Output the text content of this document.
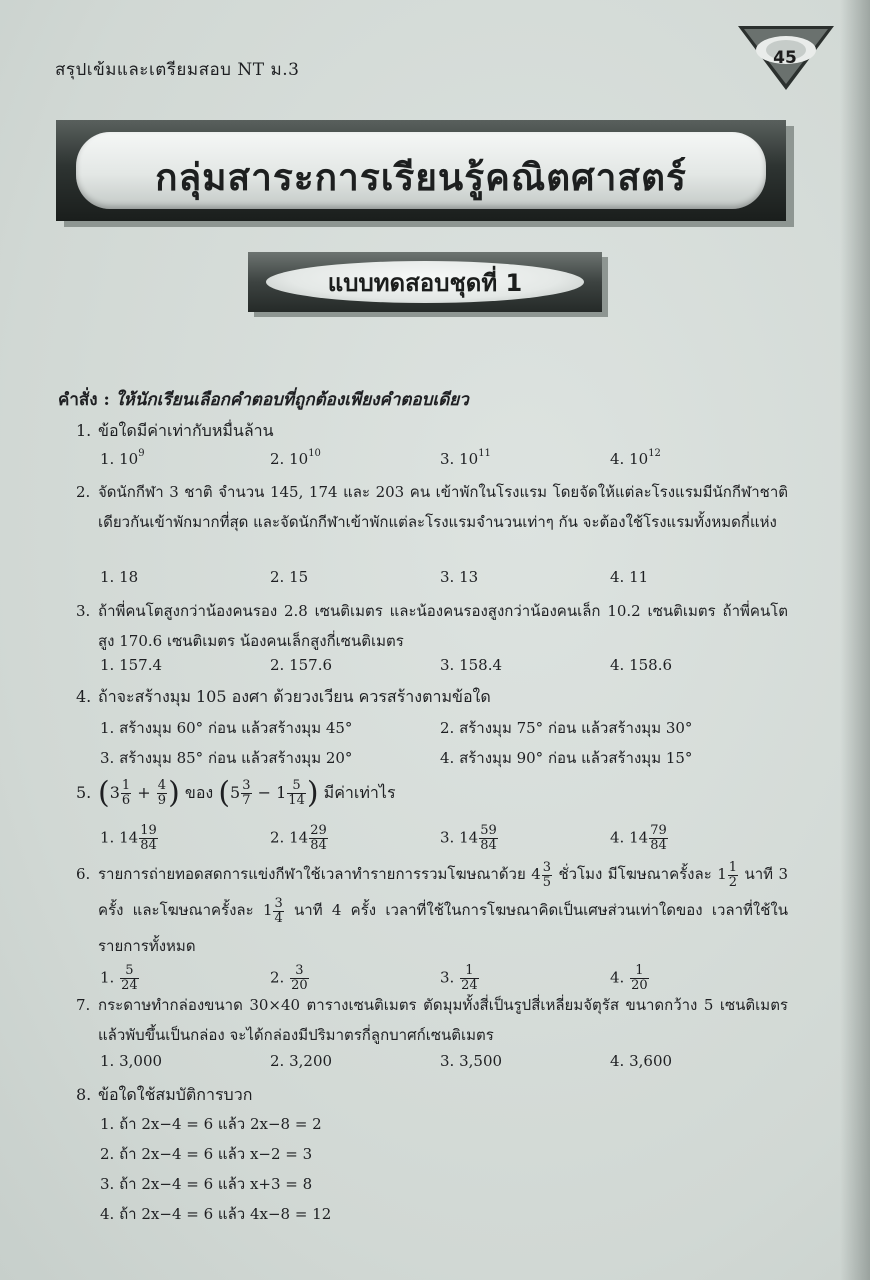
สรุปเข้มและเตรียมสอบ NT ม.3
45
กลุ่มสาระการเรียนรู้คณิตศาสตร์
แบบทดสอบชุดที่ 1
คำสั่ง : ให้นักเรียนเลือกคำตอบที่ถูกต้องเพียงคำตอบเดียว
1. ข้อใดมีค่าเท่ากับหมื่นล้าน
1. $10^9$	2. $10^{10}$	3. $10^{11}$	4. $10^{12}$
2. จัดนักกีฬา 3 ชาติ จำนวน 145, 174 และ 203 คน เข้าพักในโรงแรม โดยจัดให้แต่ละโรงแรมมีนักกีฬาชาติเดียวกันเข้าพักมากที่สุด และจัดนักกีฬาเข้าพักแต่ละโรงแรมจำนวนเท่าๆ กัน จะต้องใช้โรงแรมทั้งหมดกี่แห่ง
1. 18	2. 15	3. 13	4. 11
3. ถ้าพี่คนโตสูงกว่าน้องคนรอง 2.8 เซนติเมตร และน้องคนรองสูงกว่าน้องคนเล็ก 10.2 เซนติเมตร ถ้าพี่คนโตสูง 170.6 เซนติเมตร น้องคนเล็กสูงกี่เซนติเมตร
1. 157.4	2. 157.6	3. 158.4	4. 158.6
4. ถ้าจะสร้างมุม 105 องศา ด้วยวงเวียน ควรสร้างตามข้อใด
1. สร้างมุม 60° ก่อน แล้วสร้างมุม 45°	2. สร้างมุม 75° ก่อน แล้วสร้างมุม 30°
3. สร้างมุม 85° ก่อน แล้วสร้างมุม 20°	4. สร้างมุม 90° ก่อน แล้วสร้างมุม 15°
5. ($3 \frac{1}{6} + \frac{4}{9}$ ) ของ ($5 \frac{3}{7} - 1 \frac{5}{14}$ ) มีค่าเท่าไร
1. $14 \frac{19}{84}$	2. $14 \frac{29}{84}$	3. $14 \frac{59}{84}$	4. $14 \frac{79}{84}$
6. รายการถ่ายทอดสดการแข่งกีฬาใช้เวลาทำรายการรวมโฆษณาด้วย $4 \frac{3}{5}$ ชั่วโมง มีโฆษณาครั้งละ $1 \frac{1}{2}$ นาที 3 ครั้ง และโฆษณาครั้งละ $1 \frac{3}{4}$ นาที 4 ครั้ง เวลาที่ใช้ในการโฆษณาคิดเป็นเศษส่วนเท่าใดของ เวลาที่ใช้ในรายการทั้งหมด
1. $\frac{5}{24}$	2. $\frac{3}{20}$	3. $\frac{1}{24}$	4. $\frac{1}{20}$
7. กระดาษทำกล่องขนาด 30×40 ตารางเซนติเมตร ตัดมุมทั้งสี่เป็นรูปสี่เหลี่ยมจัตุรัส ขนาดกว้าง 5 เซนติเมตร แล้วพับขึ้นเป็นกล่อง จะได้กล่องมีปริมาตรกี่ลูกบาศก์เซนติเมตร
1. 3,000	2. 3,200	3. 3,500	4. 3,600
8. ข้อใดใช้สมบัติการบวก
1. ถ้า 2x−4 = 6 แล้ว 2x−8 = 2
2. ถ้า 2x−4 = 6 แล้ว x−2 = 3
3. ถ้า 2x−4 = 6 แล้ว x+3 = 8
4. ถ้า 2x−4 = 6 แล้ว 4x−8 = 12
